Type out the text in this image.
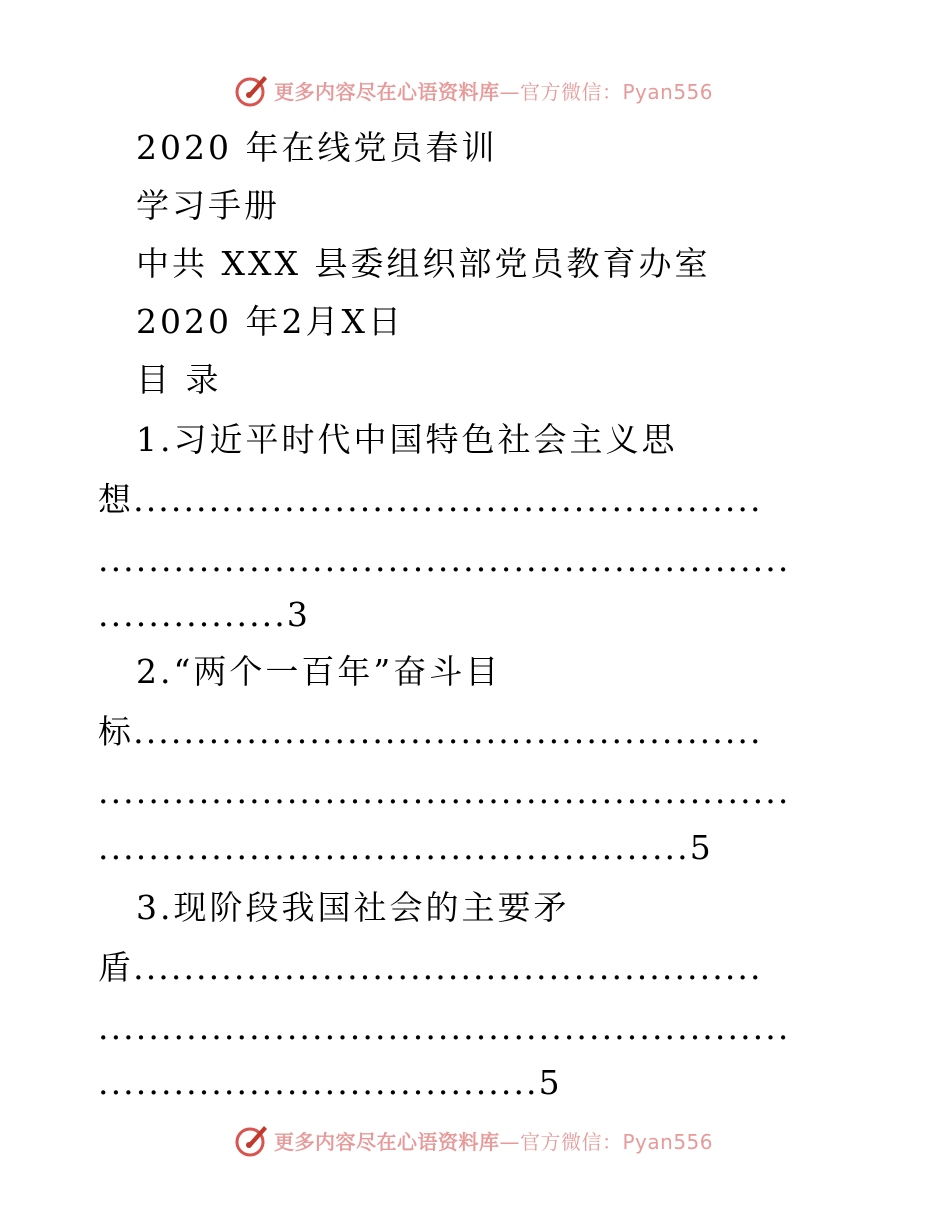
更多内容尽在心语资料库—官方微信：Pyan556
2020 年在线党员春训
学习手册
中共 XXX 县委组织部党员教育办室
2020 年2月X日
目 录
1.习近平时代中国特色社会主义思
想..................................................
.......................................................
...............3
2.“两个一百年”奋斗目
标..................................................
.......................................................
...............................................5
3.现阶段我国社会的主要矛
盾..................................................
.......................................................
...................................5
更多内容尽在心语资料库—官方微信：Pyan556
